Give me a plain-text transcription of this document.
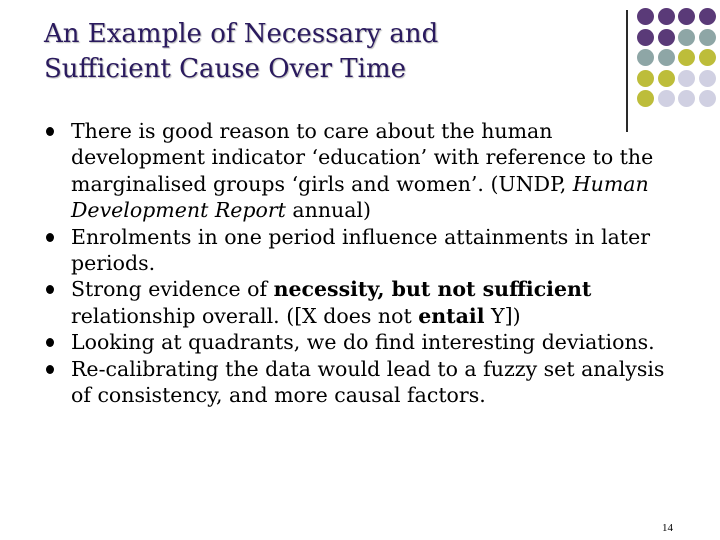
An Example of Necessary and
Sufficient Cause Over Time
There is good reason to care about the human development indicator ‘education’ with reference to the marginalised groups ‘girls and women’. (UNDP, Human Development Report annual)
Enrolments in one period influence attainments in later periods.
Strong evidence of necessity, but not sufficient relationship overall. ([X does not entail Y])
Looking at quadrants, we do find interesting deviations.
Re-calibrating the data would lead to a fuzzy set analysis of consistency, and more causal factors.
14
